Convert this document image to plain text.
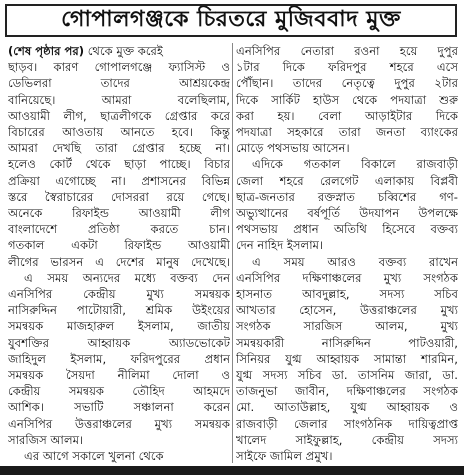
গোপালগঞ্জকে চিরতরে মুজিববাদ মুক্ত
(শেষ পৃষ্ঠার পর) থেকে মুক্ত করেই
ছাড়ব। কারণ গোপালগঞ্জে ফ্যাসিস্ট ও
ডেভিলরা তাদের আশ্রয়কেন্দ্র
বানিয়েছে। আমরা বলেছিলাম,
আওয়ামী লীগ, ছাত্রলীগকে গ্রেপ্তার করে
বিচারের আওতায় আনতে হবে। কিন্তু
আমরা দেখছি তারা গ্রেপ্তার হচ্ছে না।
হলেও কোর্ট থেকে ছাড়া পাচ্ছে। বিচার
প্রক্রিয়া এগোচ্ছে না। প্রশাসনের বিভিন্ন
স্তরে স্বৈরাচারের দোসররা রয়ে গেছে।
অনেকে রিফাইন্ড আওয়ামী লীগ
বাংলাদেশে প্রতিষ্ঠা করতে চান।
গতকাল একটা রিফাইন্ড আওয়ামী
লীগের ভারসন এ দেশের মানুষ দেখেছে।
এ সময় অন্যদের মধ্যে বক্তব্য দেন
এনসিপির কেন্দ্রীয় মুখ্য সমন্বয়ক
নাসিরুদ্দিন পাটোয়ারী, শ্রমিক উইংয়ের
সমন্বয়ক মাজহারুল ইসলাম, জাতীয়
যুবশক্তির আহ্বায়ক অ্যাডভোকেট
জাহিদুল ইসলাম, ফরিদপুরের প্রধান
সমন্বয়ক সৈয়দা নীলিমা দোলা ও
কেন্দ্রীয় সমন্বয়ক তৌহিদ আহমদে
আশিক। সভাটি সঞ্চালনা করেন
এনসিপির উত্তরাঞ্চলের মুখ্য সমন্বয়ক
সারজিস আলম।
এর আগে সকালে খুলনা থেকে
এনসিপির নেতারা রওনা হয়ে দুপুর
১টার দিকে ফরিদপুর শহরে এসে
পৌঁছান। তাদের নেতৃত্বে দুপুর ২টার
দিকে সার্কিট হাউস থেকে পদযাত্রা শুরু
করা হয়। বেলা আড়াইটার দিকে
পদযাত্রা সহকারে তারা জনতা ব্যাংকের
মোড়ে পথসভায় আসেন।
এদিকে গতকাল বিকালে রাজবাড়ী
জেলা শহরে রেলগেট এলাকায় বিপ্লবী
ছাত্র-জনতার রক্তস্নাত চব্বিশের গণ-
অভ্যুত্থানের বর্ষপূর্তি উদযাপন উপলক্ষে
পথসভায় প্রধান অতিথি হিসেবে বক্তব্য
দেন নাহিদ ইসলাম।
এ সময় আরও বক্তব্য রাখেন
এনসিপির দক্ষিণাঞ্চলের মুখ্য সংগঠক
হাসনাত আবদুল্লাহ, সদস্য সচিব
আখতার হোসেন, উত্তরাঞ্চলের মুখ্য
সংগঠক সারজিস আলম, মুখ্য
সমন্বয়কারী নাসিরুদ্দিন পাটওয়ারী,
সিনিয়র যুগ্ম আহ্বায়ক সামান্তা শারমিন,
যুগ্ম সদস্য সচিব ডা. তাসনিম জারা, ডা.
তাজনুভা জাবীন, দক্ষিণাঞ্চলের সংগঠক
মো. আতাউল্লাহ, যুগ্ম আহ্বায়ক ও
রাজবাড়ী জেলার সাংগঠনিক দায়িত্বপ্রাপ্ত
খালেদ সাইফুল্লাহ, কেন্দ্রীয় সদস্য
সাইফে জামিল প্রমুখ।
